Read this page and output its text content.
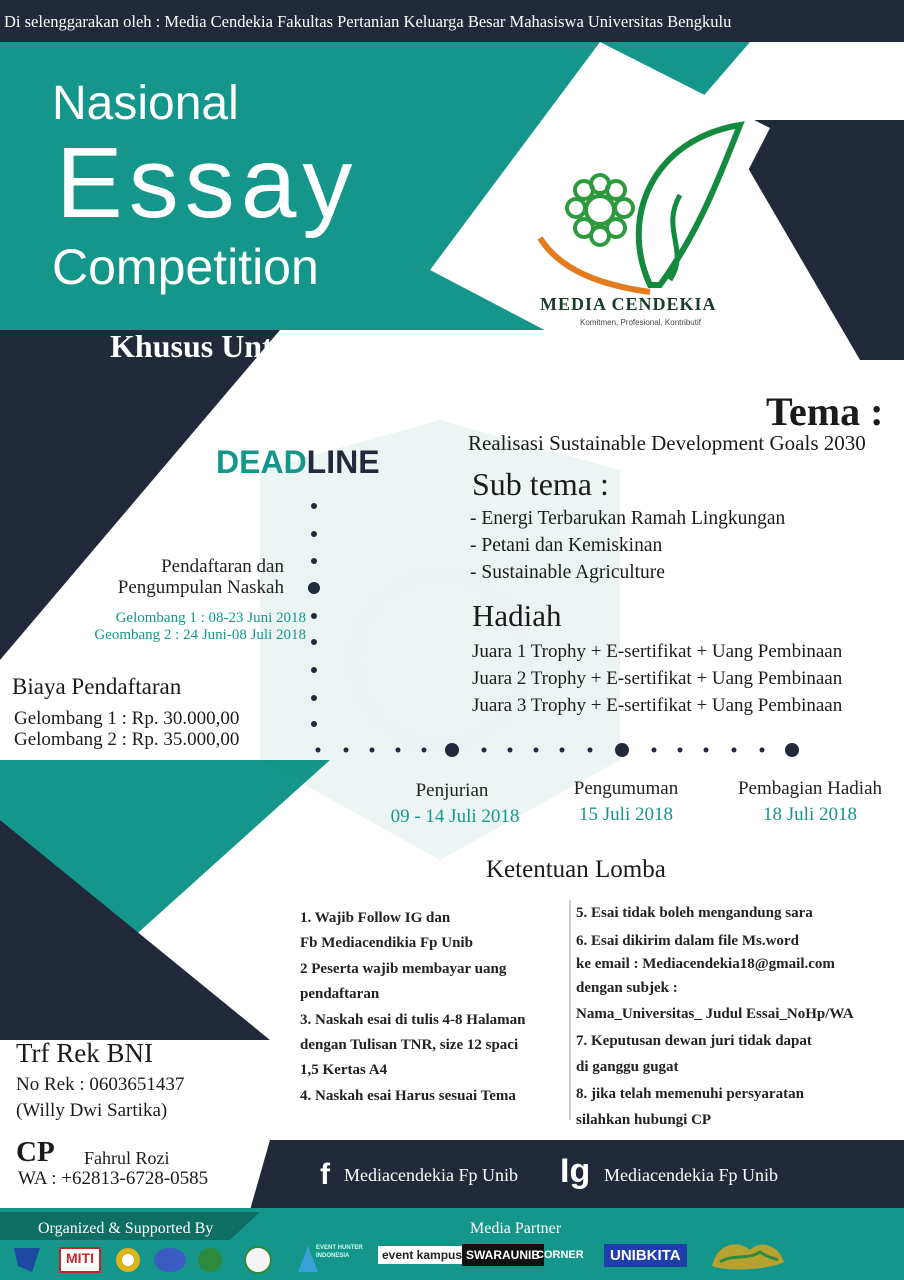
Di selenggarakan oleh : Media Cendekia Fakultas Pertanian Keluarga Besar Mahasiswa Universitas Bengkulu
Nasional
Essay
Competition
Khusus Untuk Mahasiswa
MEDIA CENDEKIA
Komitmen, Profesional, Kontributif
Tema :
Realisasi Sustainable Development Goals 2030
Sub tema :
- Energi Terbarukan Ramah Lingkungan
- Petani dan Kemiskinan
- Sustainable Agriculture
Hadiah
Juara 1 Trophy + E-sertifikat + Uang Pembinaan
Juara 2 Trophy + E-sertifikat + Uang Pembinaan
Juara 3 Trophy + E-sertifikat + Uang Pembinaan
DEADLINE
Pendaftaran dan
Pengumpulan Naskah
Gelombang 1 : 08-23 Juni 2018
Geombang 2 : 24 Juni-08 Juli 2018
Biaya Pendaftaran
Gelombang 1 : Rp. 30.000,00
Gelombang 2 : Rp. 35.000,00
Penjurian
09 - 14 Juli 2018
Pengumuman
15 Juli 2018
Pembagian Hadiah
18 Juli 2018
Ketentuan Lomba
1. Wajib Follow IG dan
Fb Mediacendikia Fp Unib
2 Peserta wajib membayar uang
pendaftaran
3. Naskah esai di tulis 4-8 Halaman
dengan Tulisan TNR, size 12 spaci
1,5 Kertas A4
4. Naskah esai Harus sesuai Tema
5. Esai tidak boleh mengandung sara
6. Esai dikirim dalam file Ms.word
ke email : Mediacendekia18@gmail.com
dengan subjek :
Nama_Universitas_ Judul Essai_NoHp/WA
7. Keputusan dewan juri tidak dapat
di ganggu gugat
8. jika telah memenuhi persyaratan
silahkan hubungi CP
Trf Rek BNI
No Rek : 0603651437
(Willy Dwi Sartika)
CP Fahrul Rozi
WA : +62813-6728-0585	f Mediacendekia Fp Unib Ig Mediacendekia Fp Unib
Organized & Supported By	Media Partner
MITI
EVENT HUNTER INDONESIA	event kampus SWARAUNIB
CORNER	UNIBKITA
